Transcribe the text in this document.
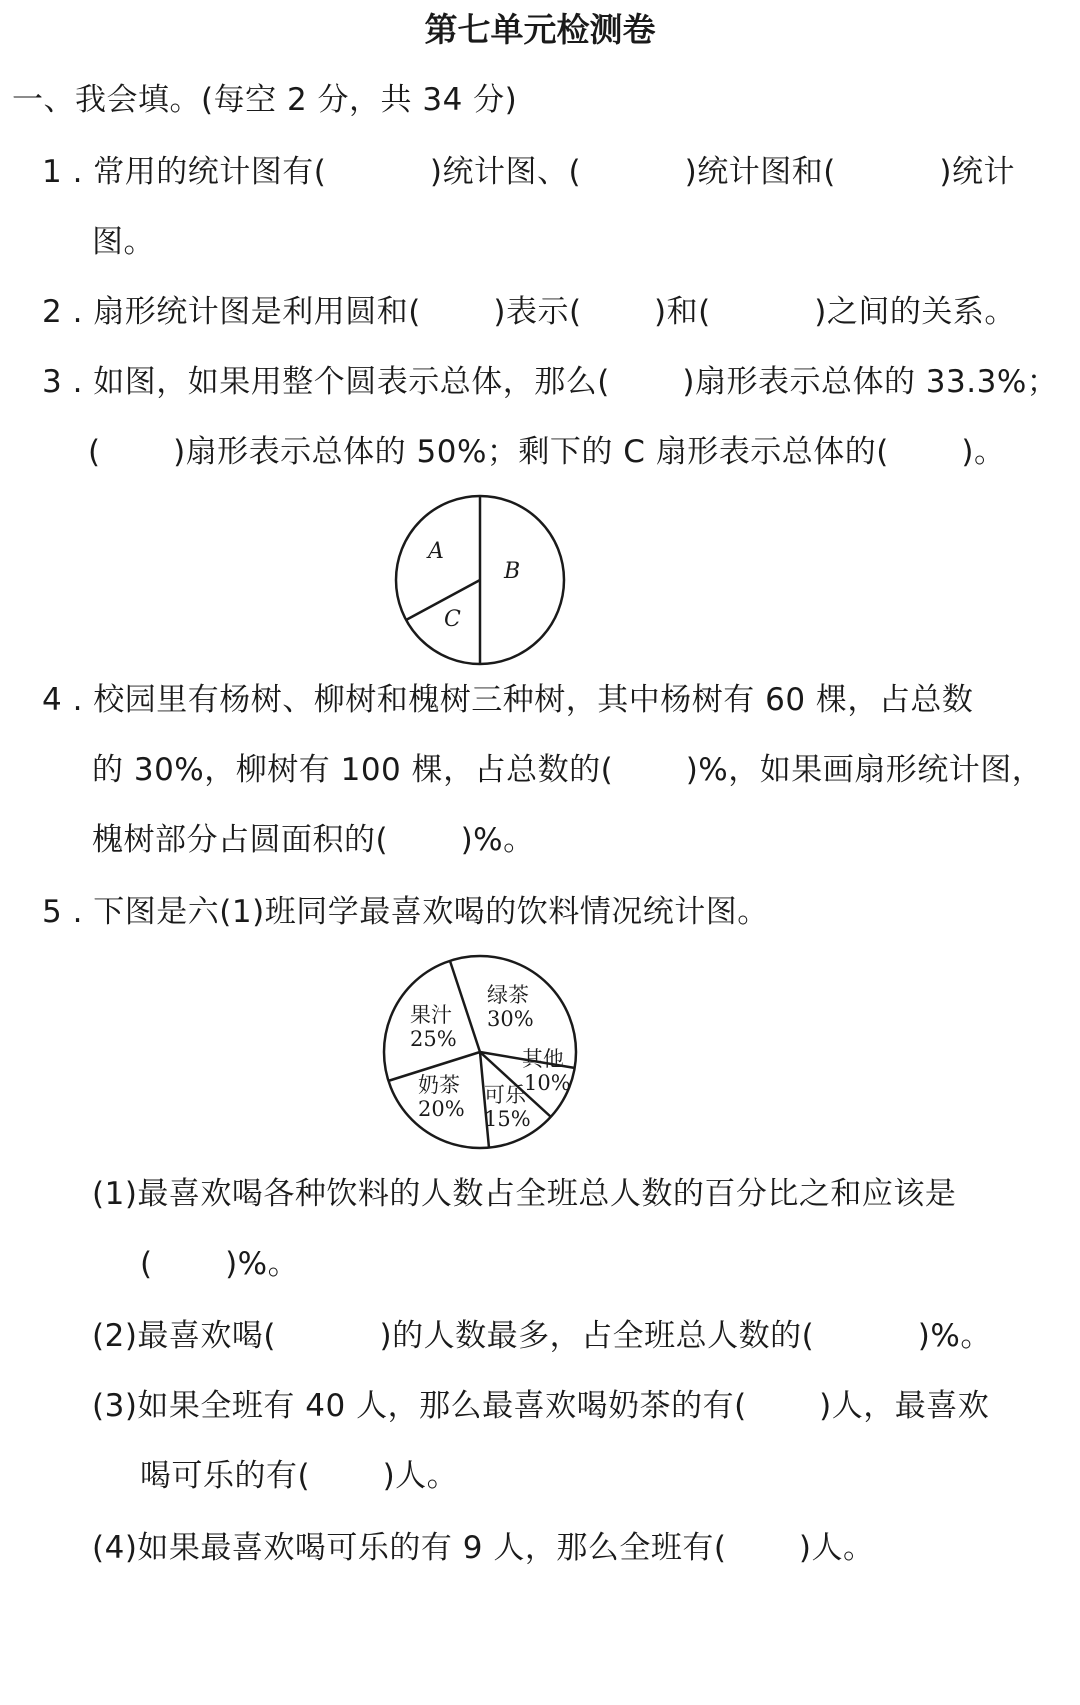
第七单元检测卷
一、我会填。(每空 2 分，共 34 分)
1 . 常用的统计图有(          )统计图、(          )统计图和(          )统计
图。
2 . 扇形统计图是利用圆和(       )表示(       )和(          )之间的关系。
3 . 如图，如果用整个圆表示总体，那么(       )扇形表示总体的 33.3%；
(       )扇形表示总体的 50%；剩下的 C 扇形表示总体的(       )。
A
B
C
4 . 校园里有杨树、柳树和槐树三种树，其中杨树有 60 棵，占总数
的 30%，柳树有 100 棵，占总数的(       )%，如果画扇形统计图，
槐树部分占圆面积的(       )%。
5 . 下图是六(1)班同学最喜欢喝的饮料情况统计图。
绿茶
30%
果汁
25%
其他
10%
奶茶
20%
可乐
15%
(1)最喜欢喝各种饮料的人数占全班总人数的百分比之和应该是
(       )%。
(2)最喜欢喝(          )的人数最多，占全班总人数的(          )%。
(3)如果全班有 40 人，那么最喜欢喝奶茶的有(       )人，最喜欢
喝可乐的有(       )人。
(4)如果最喜欢喝可乐的有 9 人，那么全班有(       )人。
